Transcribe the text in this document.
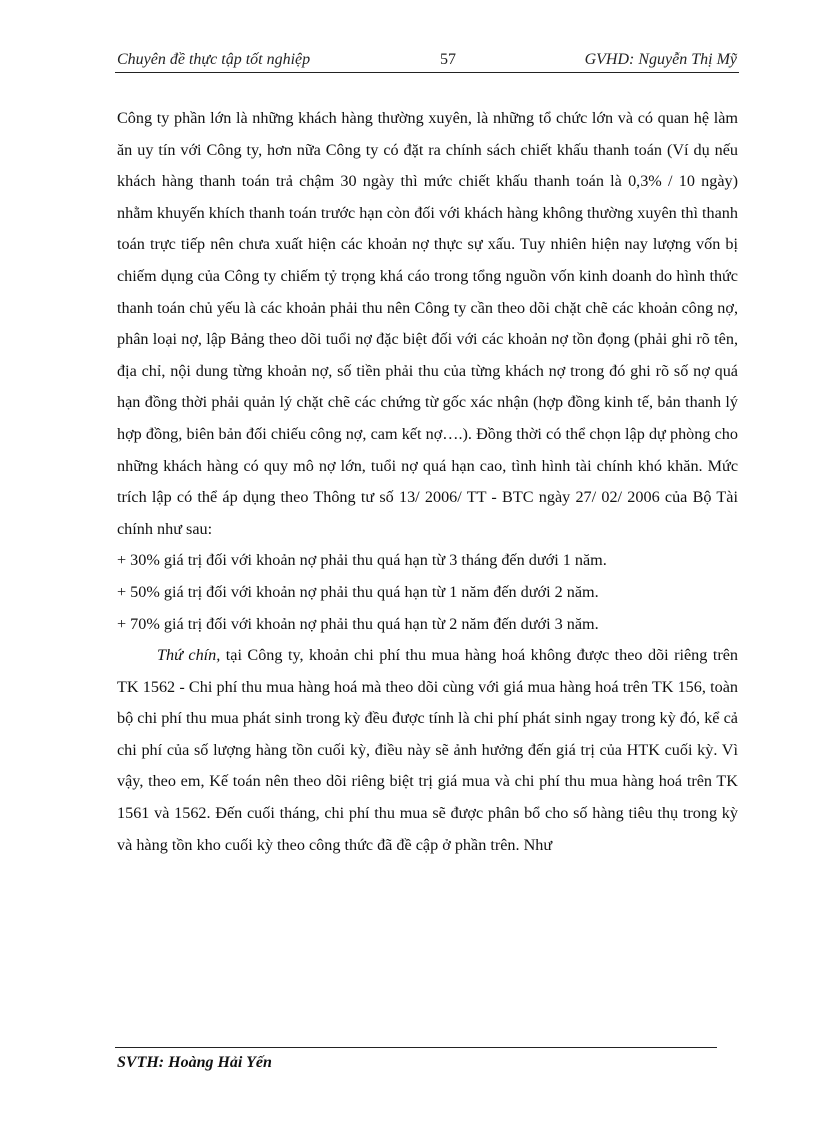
Chuyên đề thực tập tốt nghiệp	57	GVHD: Nguyễn Thị Mỹ

Công ty phần lớn là những khách hàng thường xuyên, là những tổ chức lớn và có quan hệ làm ăn uy tín với Công ty, hơn nữa Công ty có đặt ra chính sách chiết khấu thanh toán (Ví dụ nếu khách hàng thanh toán trả chậm 30 ngày thì mức chiết khấu thanh toán là 0,3% / 10 ngày) nhằm khuyến khích thanh toán trước hạn còn đối với khách hàng không thường xuyên thì thanh toán trực tiếp nên chưa xuất hiện các khoản nợ thực sự xấu. Tuy nhiên hiện nay lượng vốn bị chiếm dụng của Công ty chiếm tỷ trọng khá cáo trong tổng nguồn vốn kinh doanh do hình thức thanh toán chủ yếu là các khoản phải thu nên Công ty cần theo dõi chặt chẽ các khoản công nợ, phân loại nợ, lập Bảng theo dõi tuổi nợ đặc biệt đối với các khoản nợ tồn đọng (phải ghi rõ tên, địa chỉ, nội dung từng khoản nợ, số tiền phải thu của từng khách nợ trong đó ghi rõ số nợ quá hạn đồng thời phải quản lý chặt chẽ các chứng từ gốc xác nhận (hợp đồng kinh tế, bản thanh lý hợp đồng, biên bản đối chiếu công nợ, cam kết nợ….). Đồng thời có thể chọn lập dự phòng cho những khách hàng có quy mô nợ lớn, tuổi nợ quá hạn cao, tình hình tài chính khó khăn. Mức trích lập có thể áp dụng theo Thông tư số 13/ 2006/ TT - BTC ngày 27/ 02/ 2006 của Bộ Tài chính như sau:

+ 30% giá trị đối với khoản nợ phải thu quá hạn từ 3 tháng đến dưới 1 năm.

+ 50% giá trị đối với khoản nợ phải thu quá hạn từ 1 năm đến dưới 2 năm.

+ 70% giá trị đối với khoản nợ phải thu quá hạn từ 2 năm đến dưới 3 năm.

Thứ chín, tại Công ty, khoản chi phí thu mua hàng hoá không được theo dõi riêng trên TK 1562 - Chi phí thu mua hàng hoá mà theo dõi cùng với giá mua hàng hoá trên TK 156, toàn bộ chi phí thu mua phát sinh trong kỳ đều được tính là chi phí phát sinh ngay trong kỳ đó, kể cả chi phí của số lượng hàng tồn cuối kỳ, điều này sẽ ảnh hưởng đến giá trị của HTK cuối kỳ. Vì vậy, theo em, Kế toán nên theo dõi riêng biệt trị giá mua và chi phí thu mua hàng hoá trên TK 1561 và 1562. Đến cuối tháng, chi phí thu mua sẽ được phân bổ cho số hàng tiêu thụ trong kỳ và hàng tồn kho cuối kỳ theo công thức đã đề cập ở phần trên. Như

SVTH: Hoàng Hải Yến
